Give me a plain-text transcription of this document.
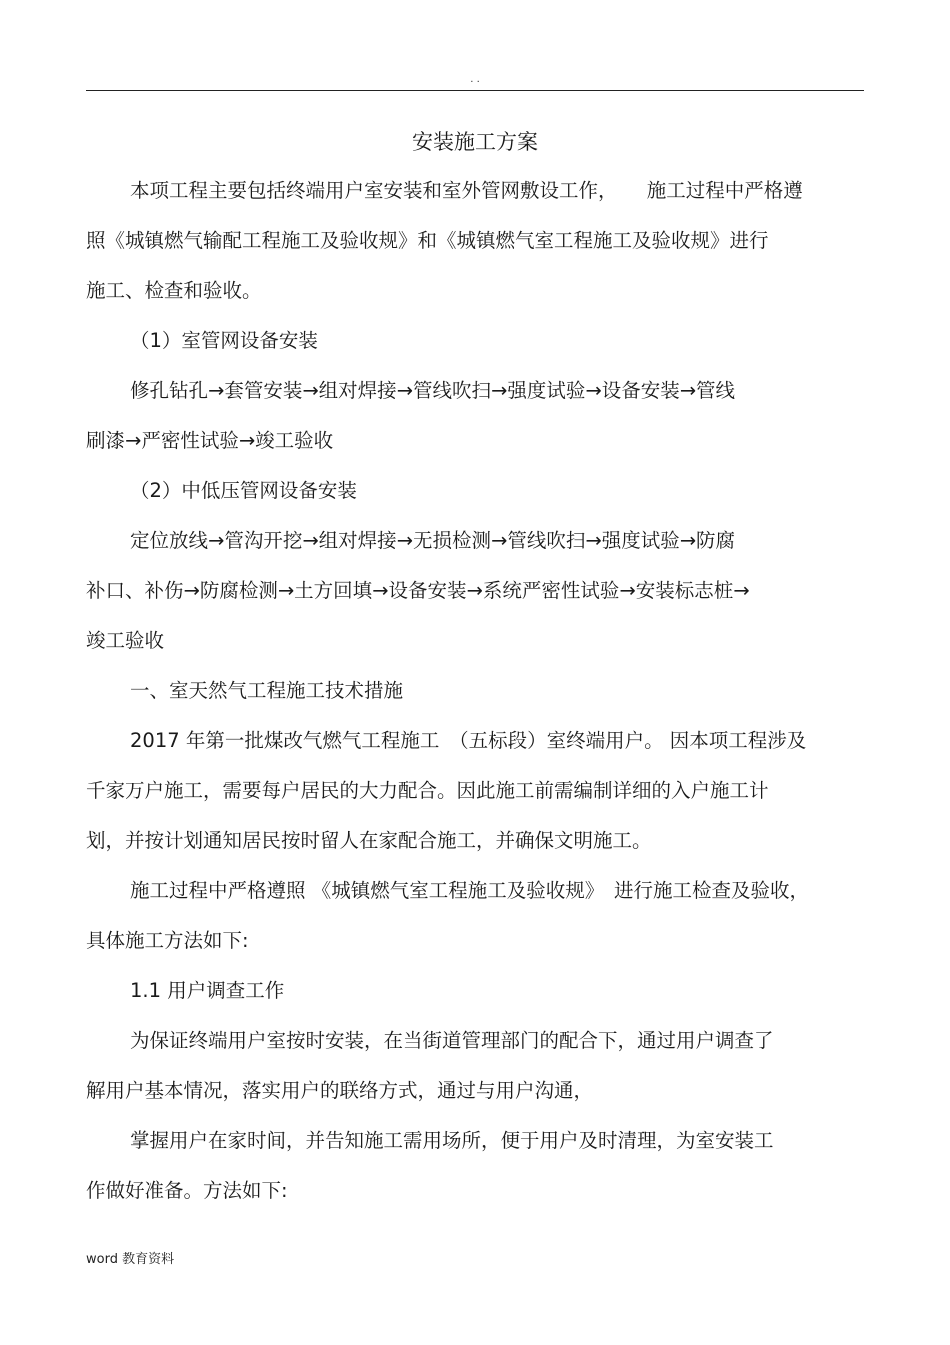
. .
安装施工方案
本项工程主要包括终端用户室安装和室外管网敷设工作，　　施工过程中严格遵
照《城镇燃气输配工程施工及验收规》和《城镇燃气室工程施工及验收规》进行
施工、检查和验收。
（1）室管网设备安装
修孔钻孔→套管安装→组对焊接→管线吹扫→强度试验→设备安装→管线
刷漆→严密性试验→竣工验收
（2）中低压管网设备安装
定位放线→管沟开挖→组对焊接→无损检测→管线吹扫→强度试验→防腐
补口、补伤→防腐检测→土方回填→设备安装→系统严密性试验→安装标志桩→
竣工验收
一、室天然气工程施工技术措施
2017 年第一批煤改气燃气工程施工　（五标段）室终端用户。 因本项工程涉及
千家万户施工，需要每户居民的大力配合。因此施工前需编制详细的入户施工计
划，并按计划通知居民按时留人在家配合施工，并确保文明施工。
施工过程中严格遵照 《城镇燃气室工程施工及验收规》　进行施工检查及验收，
具体施工方法如下:
1.1 用户调查工作
为保证终端用户室按时安装，在当街道管理部门的配合下，通过用户调查了
解用户基本情况，落实用户的联络方式，通过与用户沟通，
掌握用户在家时间，并告知施工需用场所，便于用户及时清理，为室安装工
作做好准备。方法如下:
word 教育资料
